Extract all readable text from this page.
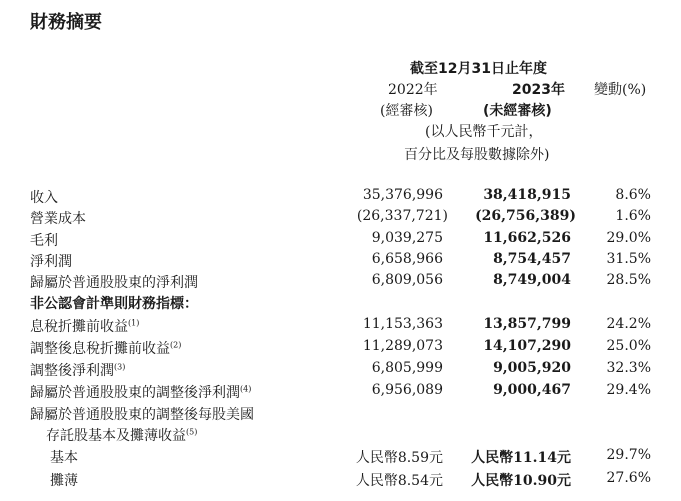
財務摘要
截至12月31日止年度
2022年	2023年 變動(%)
(經審核)	(未經審核)
(以人民幣千元計，
百分比及每股數據除外)
收入	35,376,996	38,418,915	8.6%
營業成本	(26,337,721) (26,756,389)	1.6%
毛利	9,039,275	11,662,526	29.0%
淨利潤	6,658,966	8,754,457	31.5%
歸屬於普通股股東的淨利潤	6,809,056	8,749,004	28.5%
非公認會計準則財務指標：
息稅折攤前收益$^{(1)}$	11,153,363	13,857,799	24.2%
調整後息稅折攤前收益$^{(2)}$	11,289,073	14,107,290	25.0%
調整後淨利潤$^{(3)}$	6,805,999	9,005,920	32.3%
歸屬於普通股股東的調整後淨利潤$^{(4)}$	6,956,089	9,000,467	29.4%
歸屬於普通股股東的調整後每股美國
存託股基本及攤薄收益$^{(5)}$
基本	人民幣8.59元 人民幣11.14元	29.7%
攤薄	人民幣8.54元 人民幣10.90元	27.6%
